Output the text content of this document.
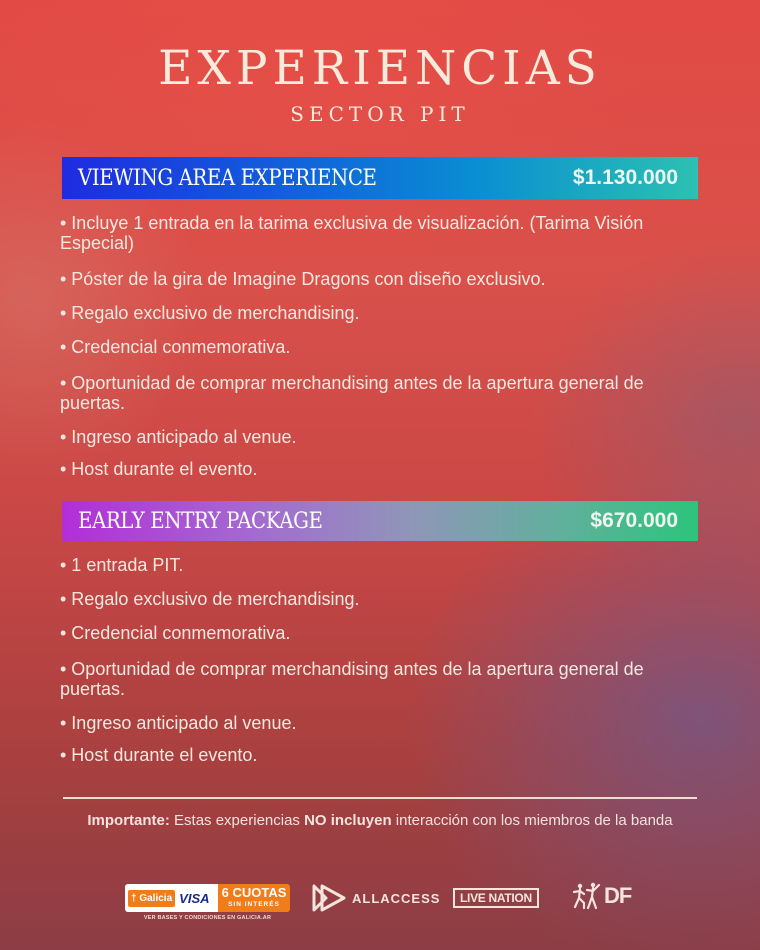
EXPERIENCIAS
SECTOR PIT
VIEWING AREA EXPERIENCE	$1.130.000
• Incluye 1 entrada en la tarima exclusiva de visualización. (Tarima Visión Especial)
• Póster de la gira de Imagine Dragons con diseño exclusivo.
• Regalo exclusivo de merchandising.
• Credencial conmemorativa.
• Oportunidad de comprar merchandising antes de la apertura general de puertas.
• Ingreso anticipado al venue.
• Host durante el evento.
EARLY ENTRY PACKAGE	$670.000
• 1 entrada PIT.
• Regalo exclusivo de merchandising.
• Credencial conmemorativa.
• Oportunidad de comprar merchandising antes de la apertura general de puertas.
• Ingreso anticipado al venue.
• Host durante el evento.
Importante: Estas experiencias NO incluyen interacción con los miembros de la banda
† Galicia VISA 6 CUOTAS
SIN INTERÉS
VER BASES Y CONDICIONES EN GALICIA.AR
ALLACCESS	LIVE NATION	DF
